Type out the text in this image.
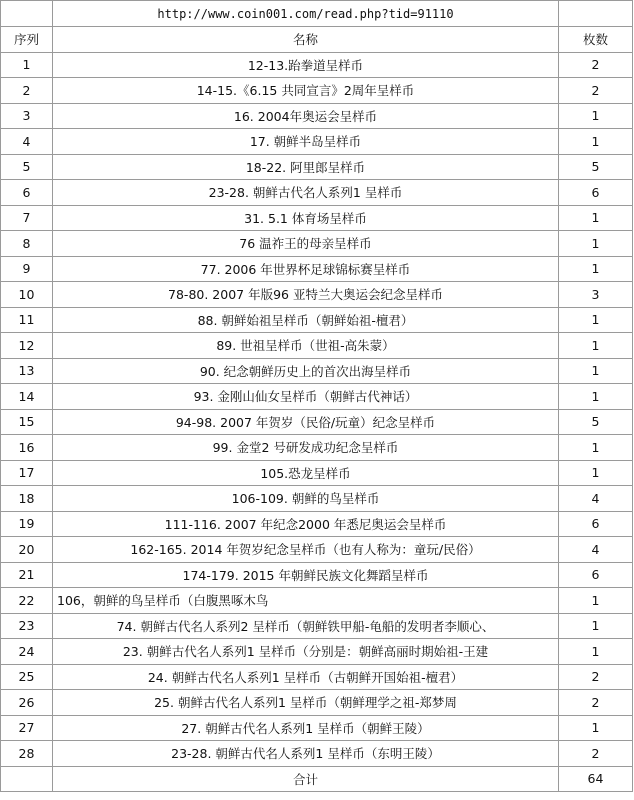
	http://www.coin001.com/read.php?tid=91110	
序列	名称	枚数
1	12-13.跆拳道呈样币	2
2	14-15.《6.15 共同宣言》2周年呈样币	2
3	16. 2004年奥运会呈样币	1
4	17. 朝鲜半岛呈样币	1
5	18-22. 阿里郎呈样币	5
6	23-28. 朝鲜古代名人系列1 呈样币	6
7	31. 5.1 体育场呈样币	1
8	76 温祚王的母亲呈样币	1
9	77. 2006 年世界杯足球锦标赛呈样币	1
10	78-80. 2007 年版96 亚特兰大奥运会纪念呈样币	3
11	88. 朝鲜始祖呈样币（朝鲜始祖-檀君）	1
12	89. 世祖呈样币（世祖-高朱蒙）	1
13	90. 纪念朝鲜历史上的首次出海呈样币	1
14	93. 金刚山仙女呈样币（朝鲜古代神话）	1
15	94-98. 2007 年贺岁（民俗/玩童）纪念呈样币	5
16	99. 金堂2 号研发成功纪念呈样币	1
17	105.恐龙呈样币	1
18	106-109. 朝鲜的鸟呈样币	4
19	111-116. 2007 年纪念2000 年悉尼奥运会呈样币	6
20	162-165. 2014 年贺岁纪念呈样币（也有人称为：童玩/民俗）	4
21	174-179. 2015 年朝鲜民族文化舞蹈呈样币	6
22	106，朝鲜的鸟呈样币（白腹黑啄木鸟	1
23	74. 朝鲜古代名人系列2 呈样币（朝鲜铁甲船-龟船的发明者李顺心、	1
24	23. 朝鲜古代名人系列1 呈样币（分别是：朝鲜高丽时期始祖-王建	1
25	24. 朝鲜古代名人系列1 呈样币（古朝鲜开国始祖-檀君）	2
26	25. 朝鲜古代名人系列1 呈样币（朝鲜理学之祖-郑梦周	2
27	27. 朝鲜古代名人系列1 呈样币（朝鲜王陵）	1
28	23-28. 朝鲜古代名人系列1 呈样币（东明王陵）	2
	合计	64
